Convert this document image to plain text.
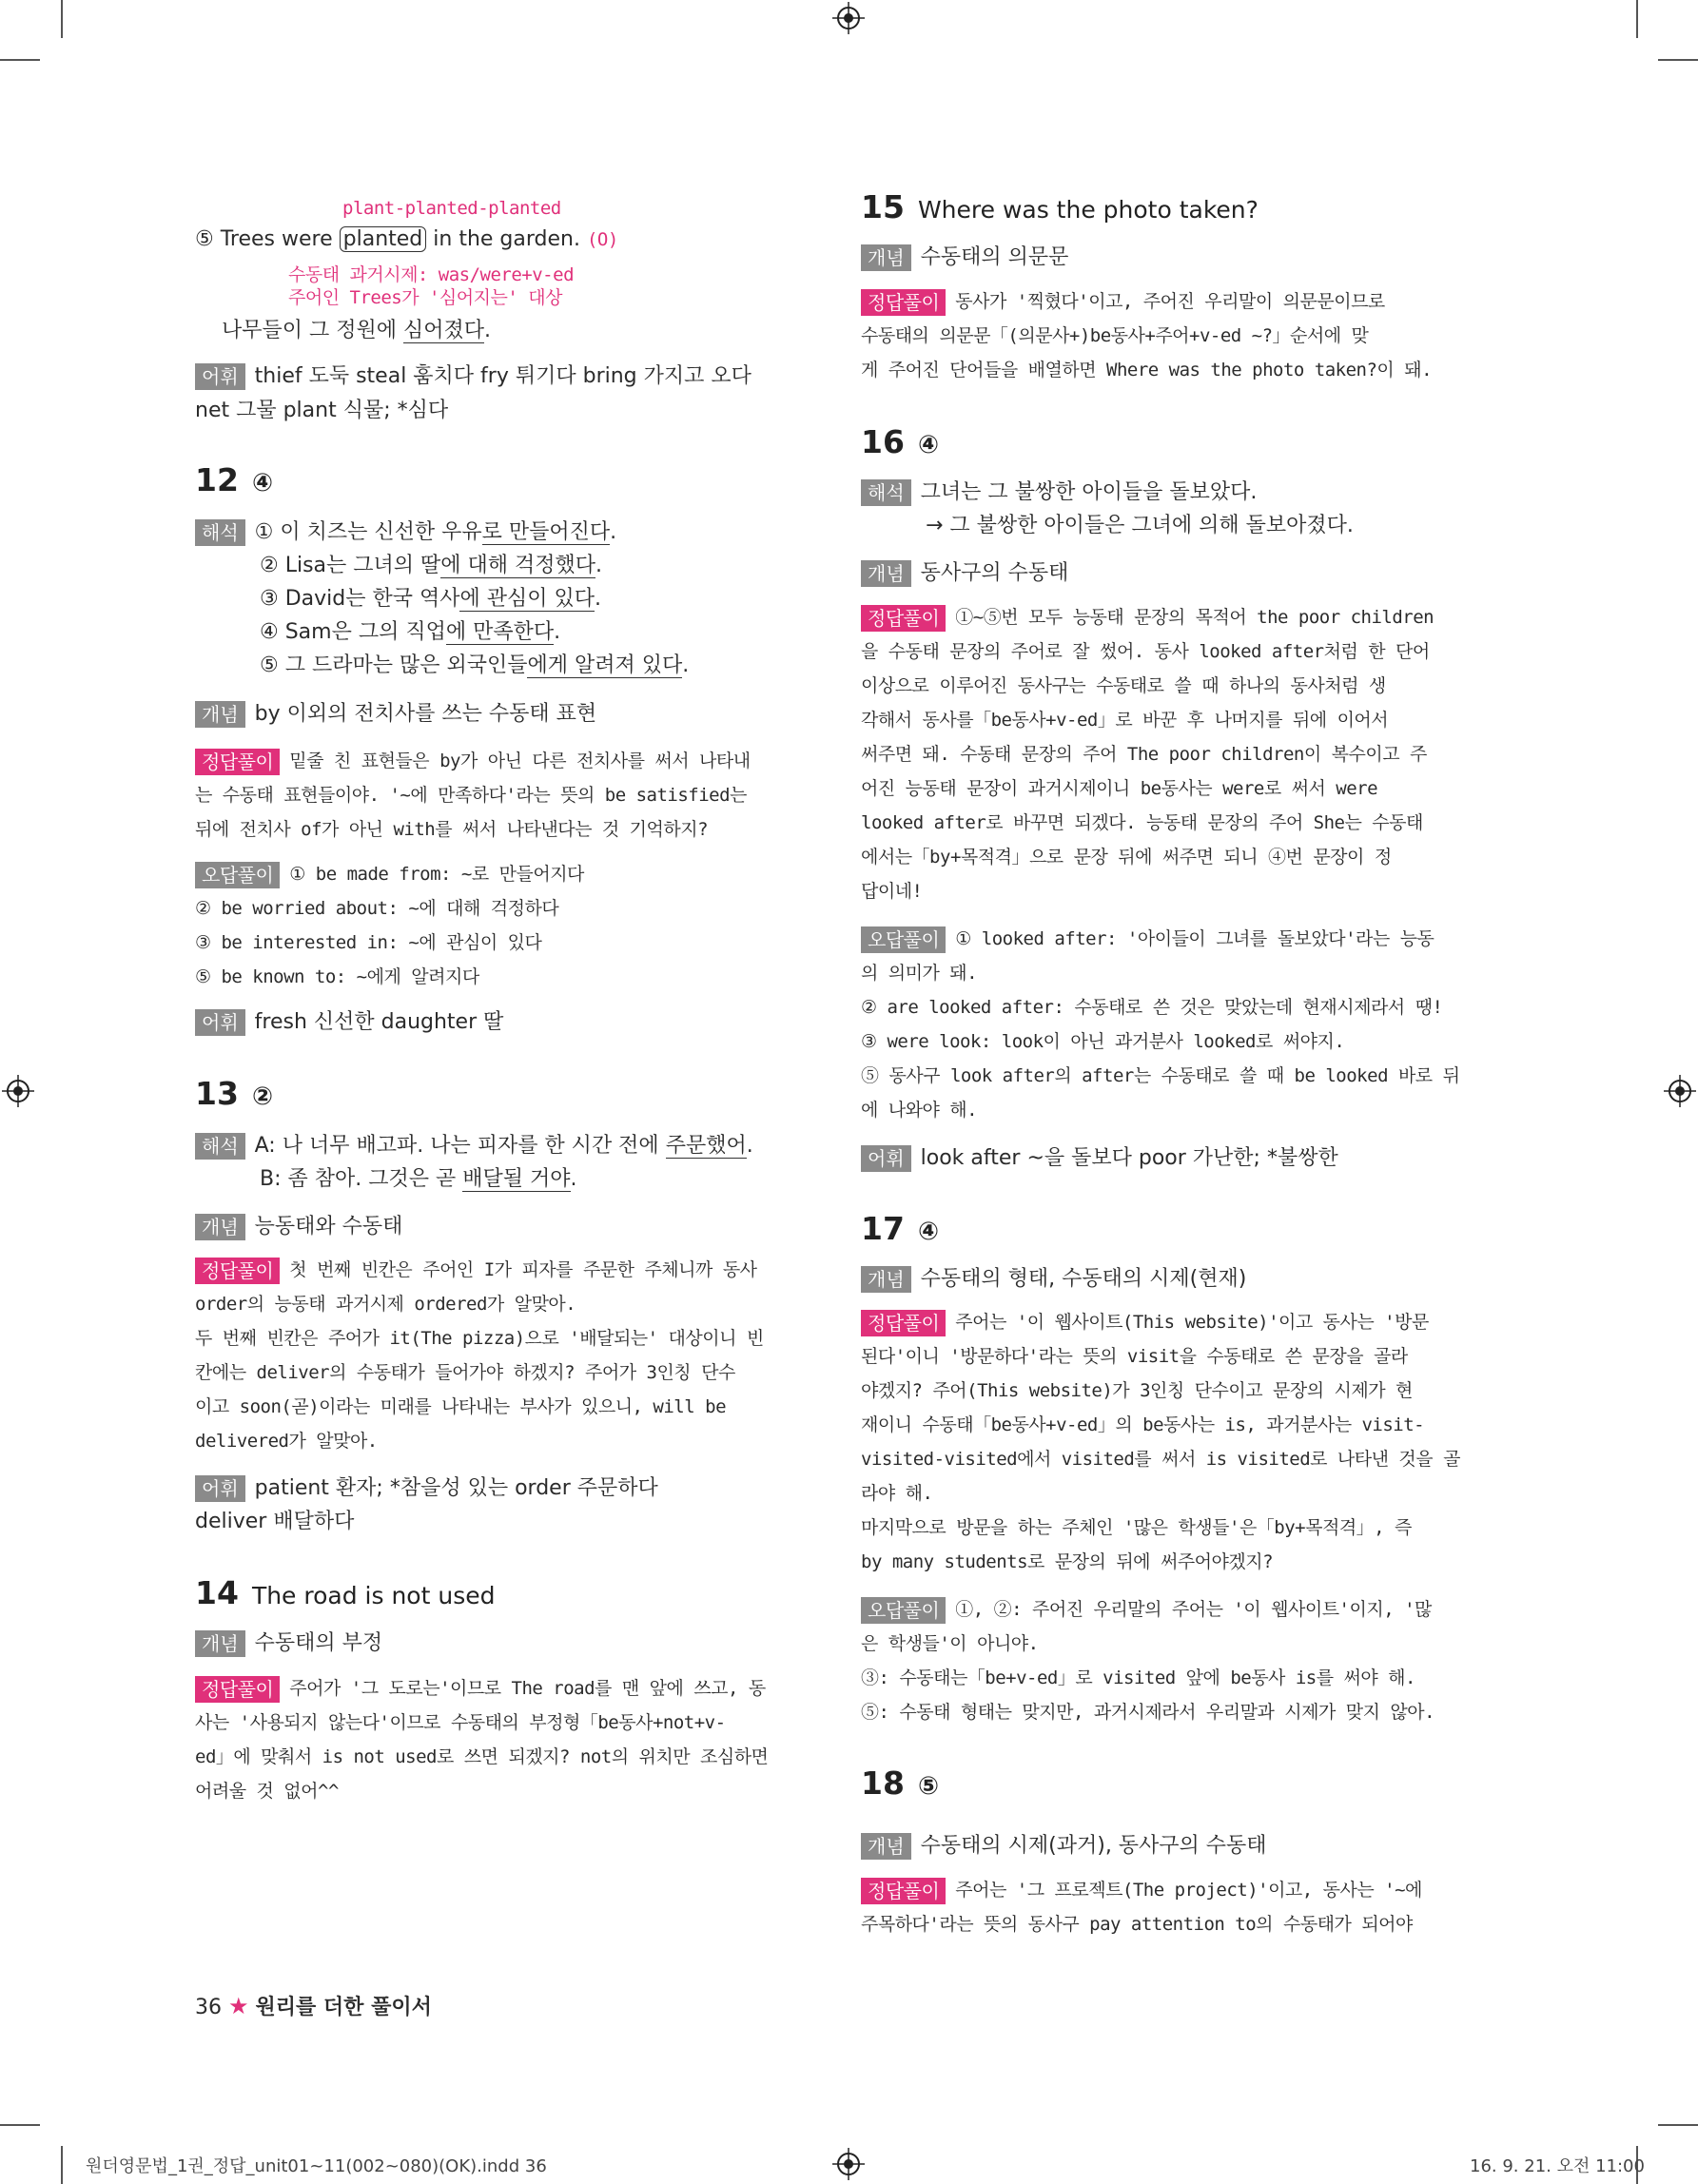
plant-planted-planted
⑤ Trees were planted in the garden. (O)
수동태 과거시제: was/were+v-ed
주어인 Trees가 '심어지는' 대상
나무들이 그 정원에 심어졌다.
어휘 thief 도둑 steal 훔치다 fry 튀기다 bring 가지고 오다
net 그물 plant 식물; *심다
12 ④
해석 ① 이 치즈는 신선한 우유로 만들어진다.
② Lisa는 그녀의 딸에 대해 걱정했다.
③ David는 한국 역사에 관심이 있다.
④ Sam은 그의 직업에 만족한다.
⑤ 그 드라마는 많은 외국인들에게 알려져 있다.
개념 by 이외의 전치사를 쓰는 수동태 표현
정답풀이 밑줄 친 표현들은 by가 아닌 다른 전치사를 써서 나타내
는 수동태 표현들이야. '~에 만족하다'라는 뜻의 be satisfied는
뒤에 전치사 of가 아닌 with를 써서 나타낸다는 것 기억하지?
오답풀이 ① be made from: ~로 만들어지다
② be worried about: ~에 대해 걱정하다
③ be interested in: ~에 관심이 있다
⑤ be known to: ~에게 알려지다
어휘 fresh 신선한 daughter 딸
13 ②
해석 A: 나 너무 배고파. 나는 피자를 한 시간 전에 주문했어.
B: 좀 참아. 그것은 곧 배달될 거야.
개념 능동태와 수동태
정답풀이 첫 번째 빈칸은 주어인 I가 피자를 주문한 주체니까 동사
order의 능동태 과거시제 ordered가 알맞아.
두 번째 빈칸은 주어가 it(The pizza)으로 '배달되는' 대상이니 빈
칸에는 deliver의 수동태가 들어가야 하겠지? 주어가 3인칭 단수
이고 soon(곧)이라는 미래를 나타내는 부사가 있으니, will be
delivered가 알맞아.
어휘 patient 환자; *참을성 있는 order 주문하다
deliver 배달하다
14 The road is not used
개념 수동태의 부정
정답풀이 주어가 '그 도로는'이므로 The road를 맨 앞에 쓰고, 동
사는 '사용되지 않는다'이므로 수동태의 부정형「be동사+not+v-
ed」에 맞춰서 is not used로 쓰면 되겠지? not의 위치만 조심하면
어려울 것 없어^^
15 Where was the photo taken?
개념 수동태의 의문문
정답풀이 동사가 '찍혔다'이고, 주어진 우리말이 의문문이므로
수동태의 의문문「(의문사+)be동사+주어+v-ed ~?」순서에 맞
게 주어진 단어들을 배열하면 Where was the photo taken?이 돼.
16 ④
해석 그녀는 그 불쌍한 아이들을 돌보았다.
→ 그 불쌍한 아이들은 그녀에 의해 돌보아졌다.
개념 동사구의 수동태
정답풀이 ①~⑤번 모두 능동태 문장의 목적어 the poor children
을 수동태 문장의 주어로 잘 썼어. 동사 looked after처럼 한 단어
이상으로 이루어진 동사구는 수동태로 쓸 때 하나의 동사처럼 생
각해서 동사를「be동사+v-ed」로 바꾼 후 나머지를 뒤에 이어서
써주면 돼. 수동태 문장의 주어 The poor children이 복수이고 주
어진 능동태 문장이 과거시제이니 be동사는 were로 써서 were
looked after로 바꾸면 되겠다. 능동태 문장의 주어 She는 수동태
에서는「by+목적격」으로 문장 뒤에 써주면 되니 ④번 문장이 정
답이네!
오답풀이 ① looked after: '아이들이 그녀를 돌보았다'라는 능동
의 의미가 돼.
② are looked after: 수동태로 쓴 것은 맞았는데 현재시제라서 땡!
③ were look: look이 아닌 과거분사 looked로 써야지.
⑤ 동사구 look after의 after는 수동태로 쓸 때 be looked 바로 뒤
에 나와야 해.
어휘 look after ~을 돌보다 poor 가난한; *불쌍한
17 ④
개념 수동태의 형태, 수동태의 시제(현재)
정답풀이 주어는 '이 웹사이트(This website)'이고 동사는 '방문
된다'이니 '방문하다'라는 뜻의 visit을 수동태로 쓴 문장을 골라
야겠지? 주어(This website)가 3인칭 단수이고 문장의 시제가 현
재이니 수동태「be동사+v-ed」의 be동사는 is, 과거분사는 visit-
visited-visited에서 visited를 써서 is visited로 나타낸 것을 골
라야 해.
마지막으로 방문을 하는 주체인 '많은 학생들'은「by+목적격」, 즉
by many students로 문장의 뒤에 써주어야겠지?
오답풀이 ①, ②: 주어진 우리말의 주어는 '이 웹사이트'이지, '많
은 학생들'이 아니야.
③: 수동태는「be+v-ed」로 visited 앞에 be동사 is를 써야 해.
⑤: 수동태 형태는 맞지만, 과거시제라서 우리말과 시제가 맞지 않아.
18 ⑤
개념 수동태의 시제(과거), 동사구의 수동태
정답풀이 주어는 '그 프로젝트(The project)'이고, 동사는 '~에
주목하다'라는 뜻의 동사구 pay attention to의 수동태가 되어야
36 ★ 원리를 더한 풀이서
원더영문법_1권_정답_unit01~11(002~080)(OK).indd 36	16. 9. 21. 오전 11:00
